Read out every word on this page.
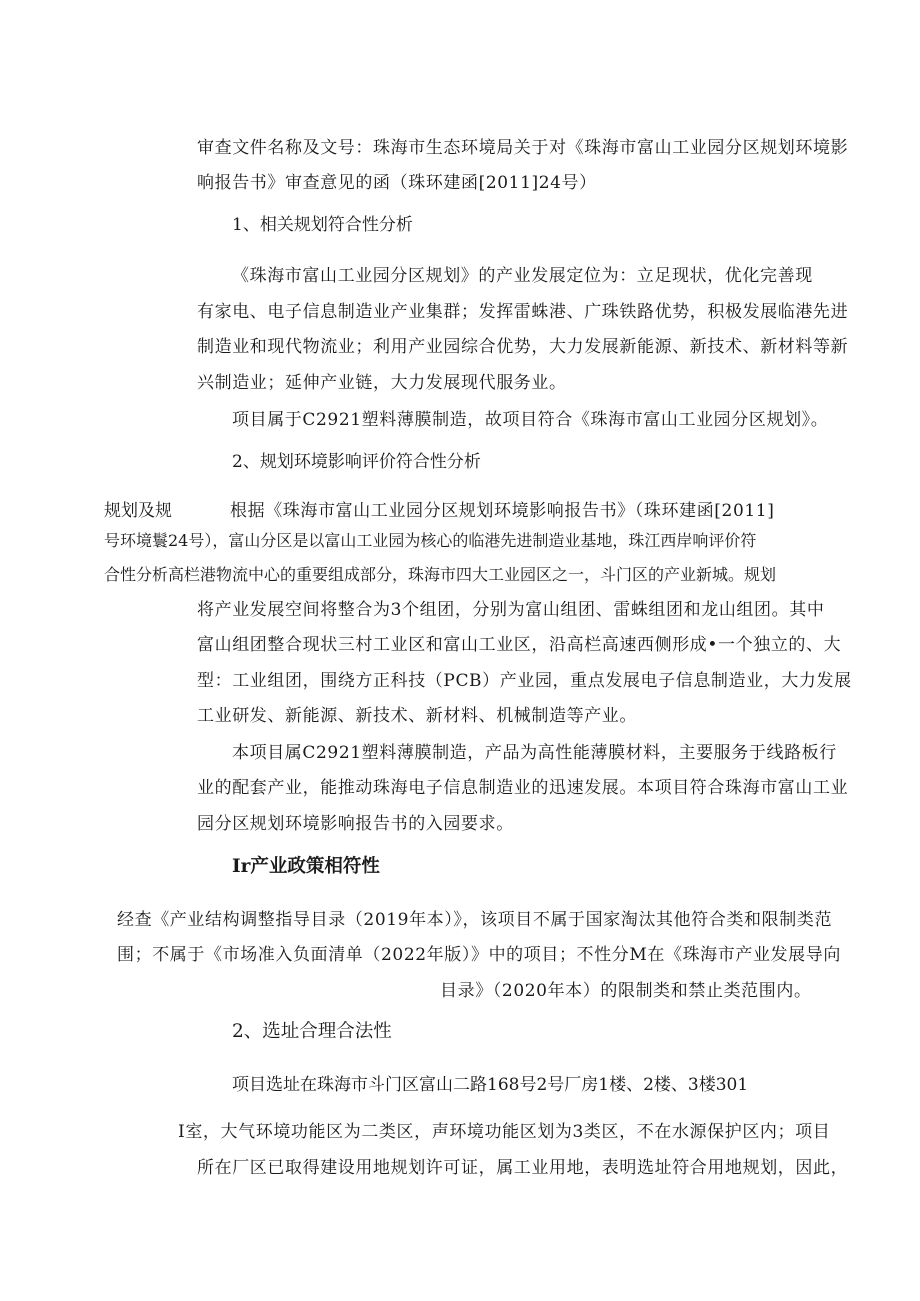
审查文件名称及文号：珠海市生态环境局关于对《珠海市富山工业园分区规划环境影
响报告书》审查意见的函（珠环建函[2011]24号）
1、相关规划符合性分析
《珠海市富山工业园分区规划》的产业发展定位为：立足现状，优化完善现
有家电、电子信息制造业产业集群；发挥雷蛛港、广珠铁路优势，积极发展临港先进
制造业和现代物流业；利用产业园综合优势，大力发展新能源、新技术、新材料等新
兴制造业；延伸产业链，大力发展现代服务业。
项目属于C2921塑料薄膜制造，故项目符合《珠海市富山工业园分区规划》。
2、规划环境影响评价符合性分析
规划及规	根据《珠海市富山工业园分区规划环境影响报告书》（珠环建函[2011]
号环境鬟24号），富山分区是以富山工业园为核心的临港先进制造业基地，珠江西岸响评价符
合性分析高栏港物流中心的重要组成部分，珠海市四大工业园区之一，斗门区的产业新城。规划
将产业发展空间将整合为3个组团，分别为富山组团、雷蛛组团和龙山组团。其中
富山组团整合现状三村工业区和富山工业区，沿高栏高速西侧形成•一个独立的、大
型：工业组团，围绕方正科技（PCB）产业园，重点发展电子信息制造业，大力发展
工业研发、新能源、新技术、新材料、机械制造等产业。
本项目属C2921塑料薄膜制造，产品为高性能薄膜材料，主要服务于线路板行
业的配套产业，能推动珠海电子信息制造业的迅速发展。本项目符合珠海市富山工业
园分区规划环境影响报告书的入园要求。
Ir产业政策相符性
经查《产业结构调整指导目录（2019年本）》，该项目不属于国家淘汰其他符合类和限制类范
围；不属于《市场准入负面清单（2022年版）》中的项目；不性分M在《珠海市产业发展导向
目录》（2020年本）的限制类和禁止类范围内。
2、选址合理合法性
项目选址在珠海市斗门区富山二路168号2号厂房1楼、2楼、3楼301
I室，大气环境功能区为二类区，声环境功能区划为3类区，不在水源保护区内；项目
所在厂区已取得建设用地规划许可证，属工业用地，表明选址符合用地规划，因此，
